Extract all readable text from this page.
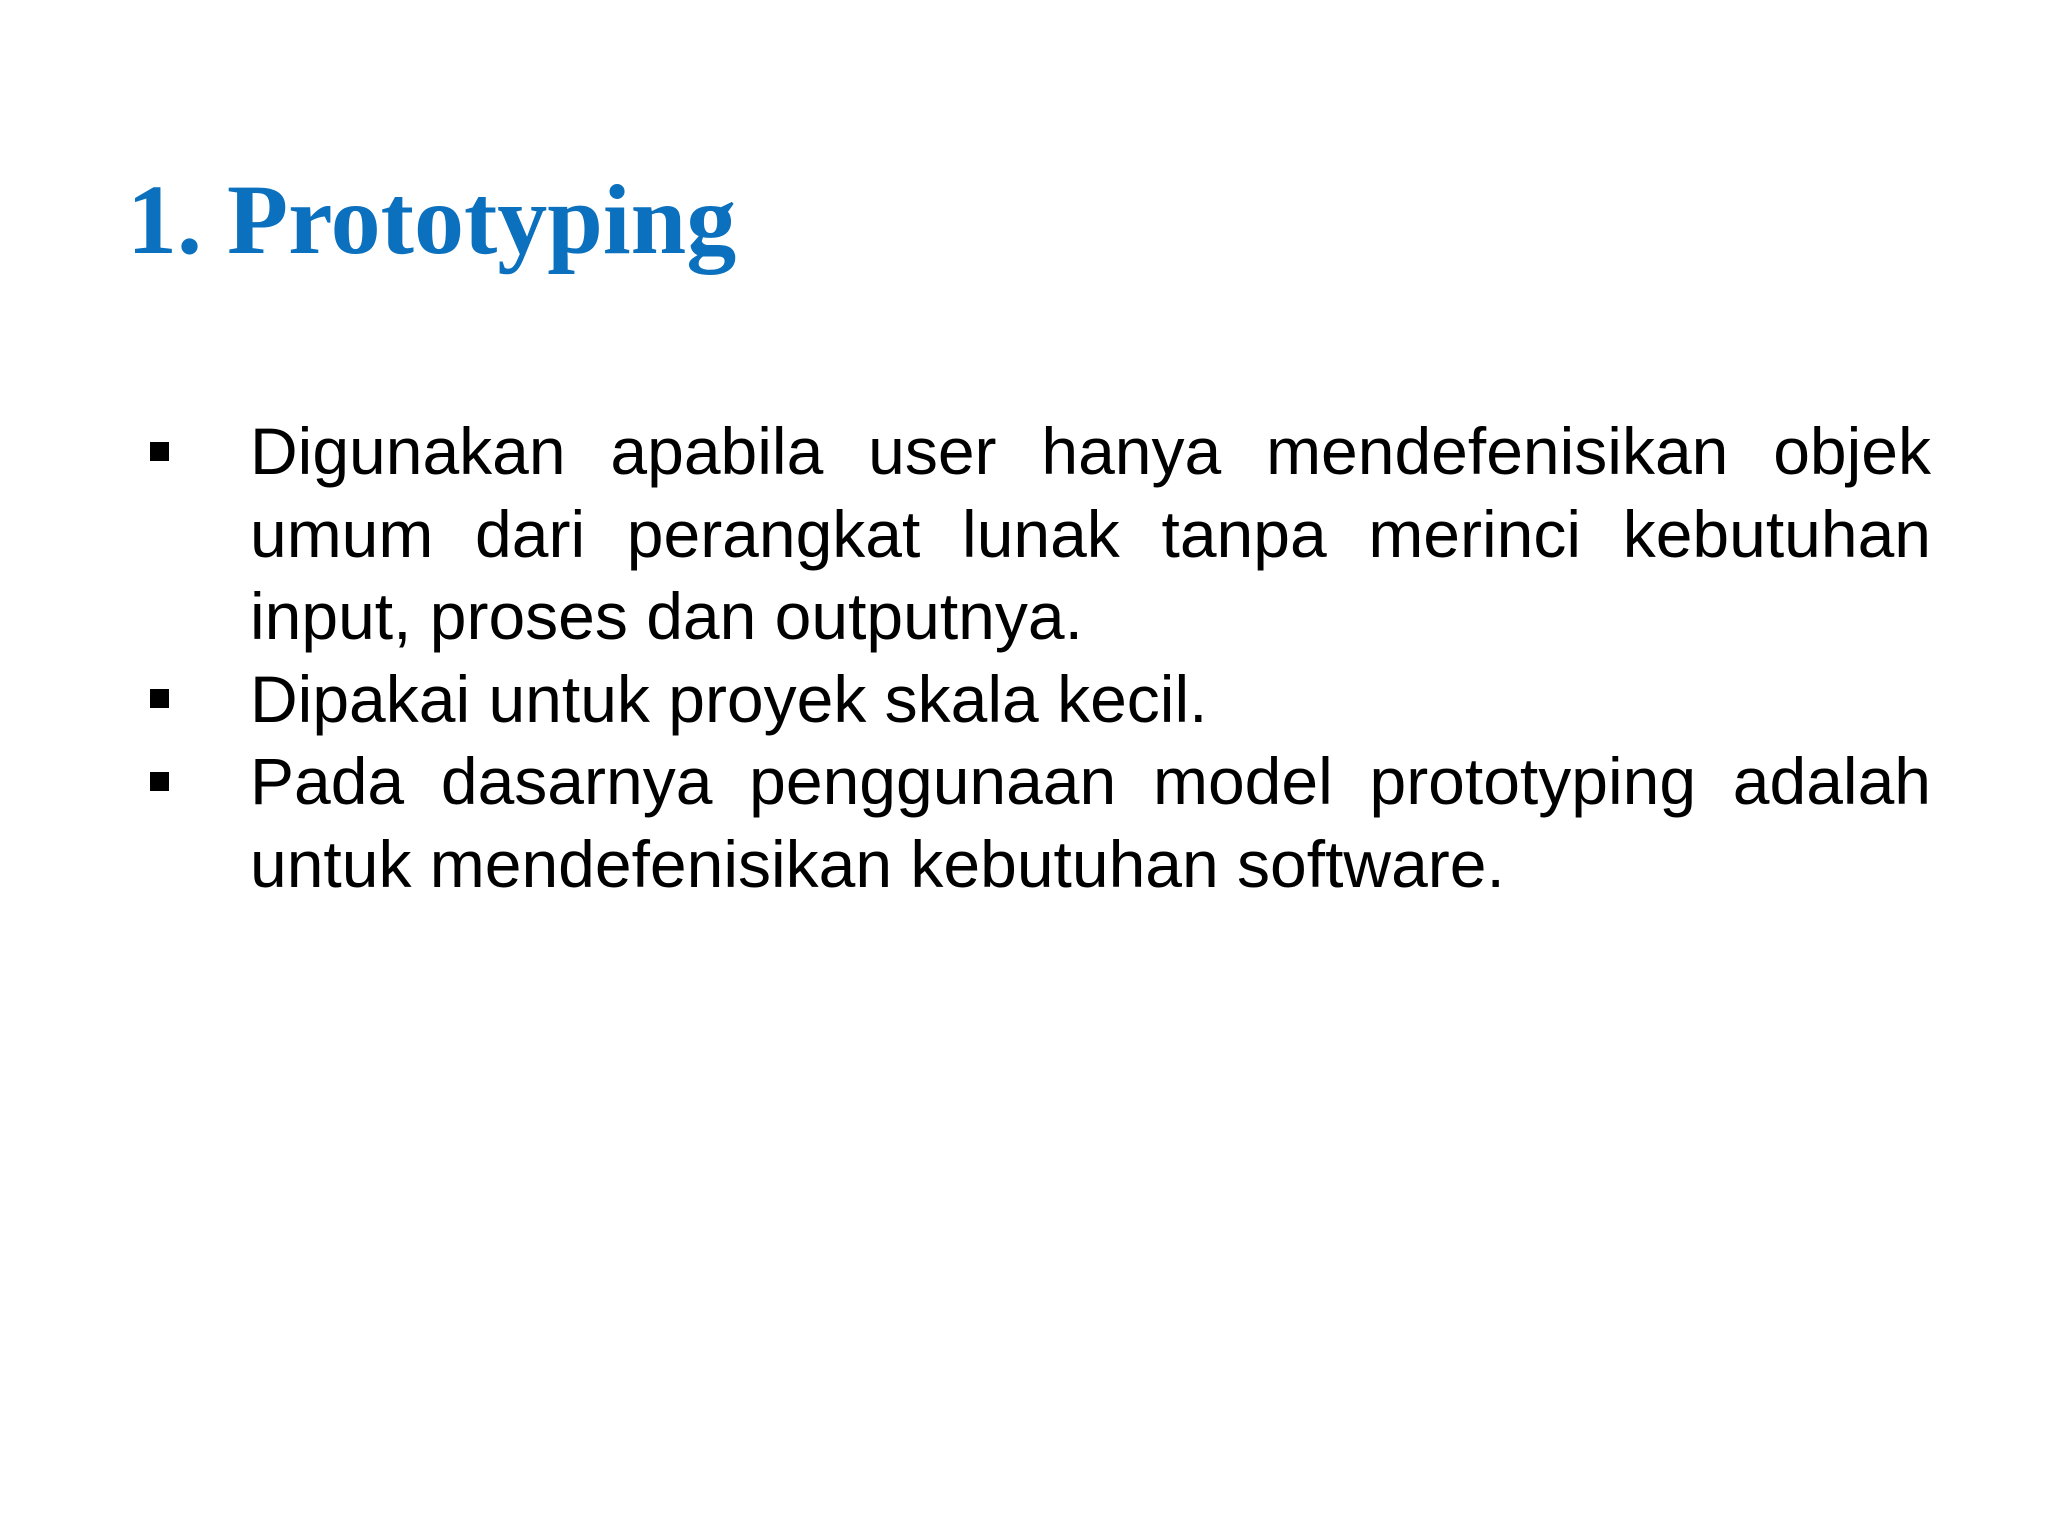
1. Prototyping
Digunakan apabila user hanya mendefenisikan objek umum dari perangkat lunak tanpa merinci kebutuhan input, proses dan outputnya.
Dipakai untuk proyek skala kecil.
Pada dasarnya penggunaan model prototyping adalah untuk mendefenisikan kebutuhan software.
